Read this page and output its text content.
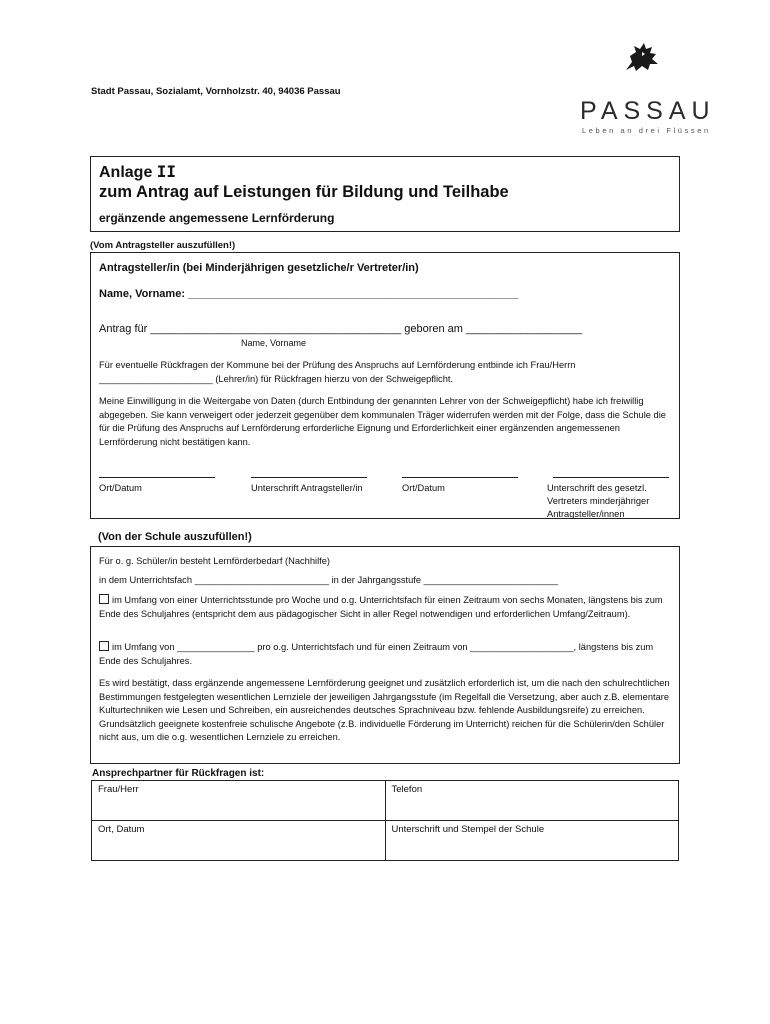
Stadt Passau, Sozialamt, Vornholzstr. 40, 94036 Passau
PASSAU
Leben an drei Flüssen
Anlage II
zum Antrag auf Leistungen für Bildung und Teilhabe
ergänzende angemessene Lernförderung
(Vom Antragsteller auszufüllen!)
Antragsteller/in (bei Minderjährigen gesetzliche/r Vertreter/in)
Name, Vorname: ______________________________________________________
Antrag für _________________________________________ geboren am ___________________
Name, Vorname
Für eventuelle Rückfragen der Kommune bei der Prüfung des Anspruchs auf Lernförderung entbinde ich Frau/Herrn ______________________ (Lehrer/in) für Rückfragen hierzu von der Schweigepflicht.
Meine Einwilligung in die Weitergabe von Daten (durch Entbindung der genannten Lehrer von der Schweigepflicht) habe ich freiwillig abgegeben. Sie kann verweigert oder jederzeit gegenüber dem kommunalen Träger widerrufen werden mit der Folge, dass die Schule die für die Prüfung des Anspruchs auf Lernförderung erforderliche Eignung und Erforderlichkeit einer ergänzenden angemessenen Lernförderung nicht bestätigen kann.
Ort/Datum	Unterschrift Antragsteller/in	Ort/Datum	Unterschrift des gesetzl. Vertreters minderjähriger Antragsteller/innen
(Von der Schule auszufüllen!)
Für o. g. Schüler/in besteht Lernförderbedarf (Nachhilfe)
in dem Unterrichtsfach __________________________ in der Jahrgangsstufe __________________________
im Umfang von einer Unterrichtsstunde pro Woche und o.g. Unterrichtsfach für einen Zeitraum von sechs Monaten, längstens bis zum Ende des Schuljahres (entspricht dem aus pädagogischer Sicht in aller Regel notwendigen und erforderlichen Umfang/Zeitraum).
im Umfang von _______________ pro o.g. Unterrichtsfach und für einen Zeitraum von ____________________, längstens bis zum Ende des Schuljahres.
Es wird bestätigt, dass ergänzende angemessene Lernförderung geeignet und zusätzlich erforderlich ist, um die nach den schulrechtlichen Bestimmungen festgelegten wesentlichen Lernziele der jeweiligen Jahrgangsstufe (im Regelfall die Versetzung, aber auch z.B. elementare Kulturtechniken wie Lesen und Schreiben, ein ausreichendes deutsches Sprachniveau bzw. fehlende Ausbildungsreife) zu erreichen. Grundsätzlich geeignete kostenfreie schulische Angebote (z.B. individuelle Förderung im Unterricht) reichen für die Schülerin/den Schüler nicht aus, um die o.g. wesentlichen Lernziele zu erreichen.
Ansprechpartner für Rückfragen ist:
Frau/Herr	Telefon
Ort, Datum	Unterschrift und Stempel der Schule
